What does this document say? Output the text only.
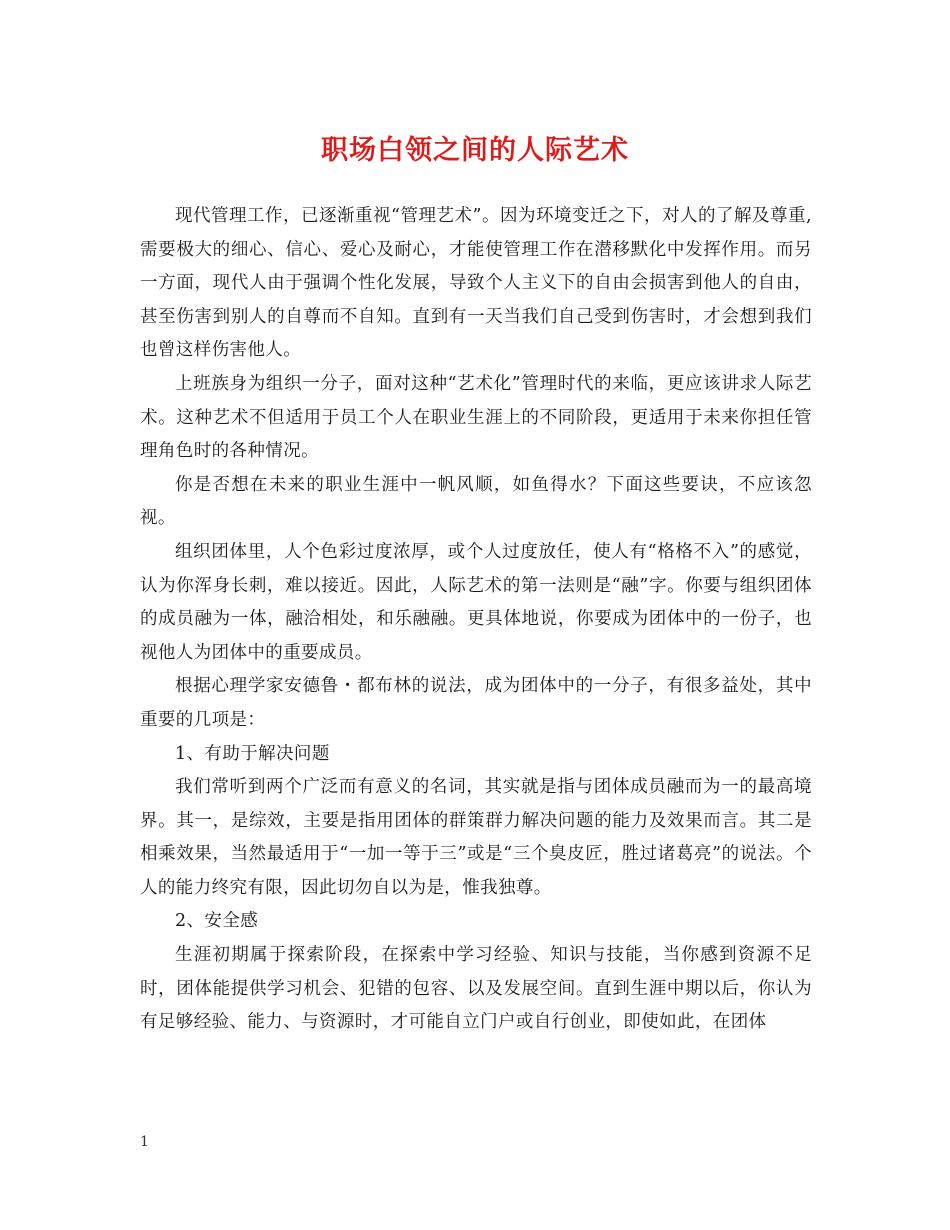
职场白领之间的人际艺术

现代管理工作，已逐渐重视“管理艺术”。因为环境变迁之下，对人的了解及尊重,需要极大的细心、信心、爱心及耐心，才能使管理工作在潜移默化中发挥作用。而另一方面，现代人由于强调个性化发展，导致个人主义下的自由会损害到他人的自由，甚至伤害到别人的自尊而不自知。直到有一天当我们自己受到伤害时，才会想到我们也曾这样伤害他人。

上班族身为组织一分子，面对这种“艺术化”管理时代的来临，更应该讲求人际艺术。这种艺术不但适用于员工个人在职业生涯上的不同阶段，更适用于未来你担任管理角色时的各种情况。

你是否想在未来的职业生涯中一帆风顺，如鱼得水？下面这些要诀，不应该忽视。

组织团体里，人个色彩过度浓厚，或个人过度放任，使人有“格格不入”的感觉，认为你浑身长刺，难以接近。因此，人际艺术的第一法则是“融”字。你要与组织团体的成员融为一体，融洽相处，和乐融融。更具体地说，你要成为团体中的一份子，也视他人为团体中的重要成员。

根据心理学家安德鲁・都布林的说法，成为团体中的一分子，有很多益处，其中重要的几项是：

1、有助于解决问题

我们常听到两个广泛而有意义的名词，其实就是指与团体成员融而为一的最高境界。其一，是综效，主要是指用团体的群策群力解决问题的能力及效果而言。其二是相乘效果，当然最适用于“一加一等于三”或是“三个臭皮匠，胜过诸葛亮”的说法。个人的能力终究有限，因此切勿自以为是，惟我独尊。

2、安全感

生涯初期属于探索阶段，在探索中学习经验、知识与技能，当你感到资源不足时，团体能提供学习机会、犯错的包容、以及发展空间。直到生涯中期以后，你认为有足够经验、能力、与资源时，才可能自立门户或自行创业，即使如此，在团体

1
